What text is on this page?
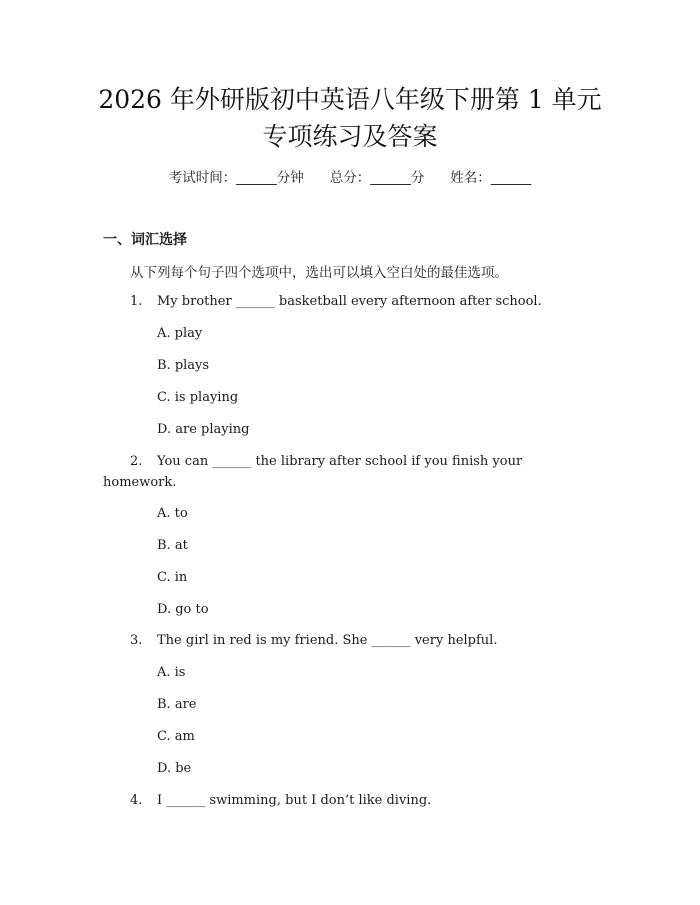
2026 年外研版初中英语八年级下册第 1 单元
专项练习及答案
考试时间：______分钟 总分：______分 姓名：______
一、词汇选择
从下列每个句子四个选项中，选出可以填入空白处的最佳选项。
1. My brother ______ basketball every afternoon after school.
A. play
B. plays
C. is playing
D. are playing
2. You can ______ the library after school if you finish your
homework.
A. to
B. at
C. in
D. go to
3. The girl in red is my friend. She ______ very helpful.
A. is
B. are
C. am
D. be
4. I ______ swimming, but I don’t like diving.
